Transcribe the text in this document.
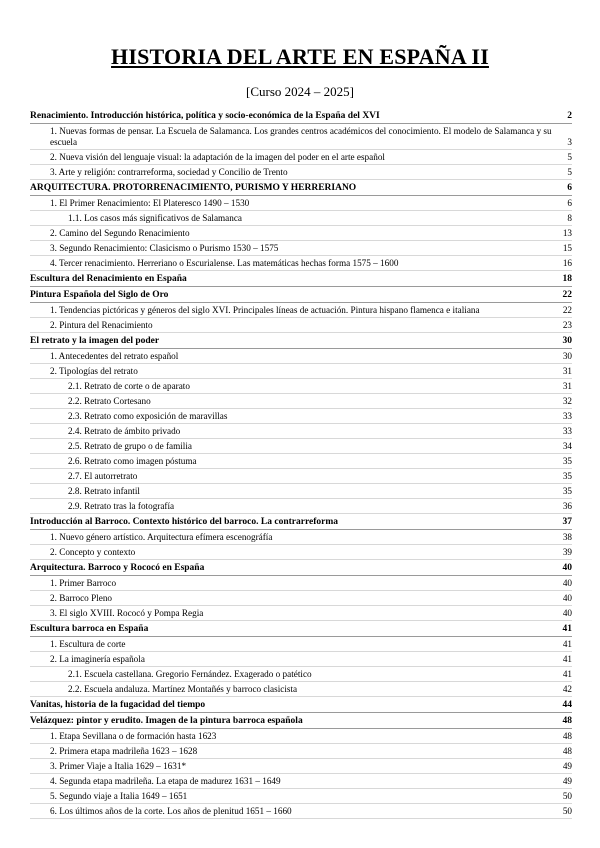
HISTORIA DEL ARTE EN ESPAÑA II
[Curso 2024 – 2025]
Renacimiento. Introducción histórica, política y socio-económica de la España del XVI	2
1. Nuevas formas de pensar. La Escuela de Salamanca. Los grandes centros académicos del conocimiento. El modelo de Salamanca y su escuela	3
2. Nueva visión del lenguaje visual: la adaptación de la imagen del poder en el arte español	5
3. Arte y religión: contrarreforma, sociedad y Concilio de Trento	5
ARQUITECTURA. PROTORRENACIMIENTO, PURISMO Y HERRERIANO	6
1. El Primer Renacimiento: El Plateresco 1490 – 1530	6
1.1. Los casos más significativos de Salamanca	8
2. Camino del Segundo Renacimiento	13
3. Segundo Renacimiento: Clasicismo o Purismo 1530 – 1575	15
4. Tercer renacimiento. Herreriano o Escurialense. Las matemáticas hechas forma 1575 – 1600	16
Escultura del Renacimiento en España	18
Pintura Española del Siglo de Oro	22
1. Tendencias pictóricas y géneros del siglo XVI. Principales líneas de actuación. Pintura hispano flamenca e italiana	22
2. Pintura del Renacimiento	23
El retrato y la imagen del poder	30
1. Antecedentes del retrato español	30
2. Tipologías del retrato	31
2.1. Retrato de corte o de aparato	31
2.2. Retrato Cortesano	32
2.3. Retrato como exposición de maravillas	33
2.4. Retrato de ámbito privado	33
2.5. Retrato de grupo o de familia	34
2.6. Retrato como imagen póstuma	35
2.7. El autorretrato	35
2.8. Retrato infantil	35
2.9. Retrato tras la fotografía	36
Introducción al Barroco. Contexto histórico del barroco. La contrarreforma	37
1. Nuevo género artístico. Arquitectura efímera escenográfía	38
2. Concepto y contexto	39
Arquitectura. Barroco y Rococó en España	40
1. Primer Barroco	40
2. Barroco Pleno	40
3. El siglo XVIII. Rococó y Pompa Regia	40
Escultura barroca en España	41
1. Escultura de corte	41
2. La imaginería española	41
2.1. Escuela castellana. Gregorio Fernández. Exagerado o patético	41
2.2. Escuela andaluza. Martínez Montañés y barroco clasicista	42
Vanitas, historia de la fugacidad del tiempo	44
Velázquez: pintor y erudito. Imagen de la pintura barroca española	48
1. Etapa Sevillana o de formación hasta 1623	48
2. Primera etapa madrileña 1623 – 1628	48
3. Primer Viaje a Italia 1629 – 1631*	49
4. Segunda etapa madrileña. La etapa de madurez 1631 – 1649	49
5. Segundo viaje a Italia 1649 – 1651	50
6. Los últimos años de la corte. Los años de plenitud 1651 – 1660	50
